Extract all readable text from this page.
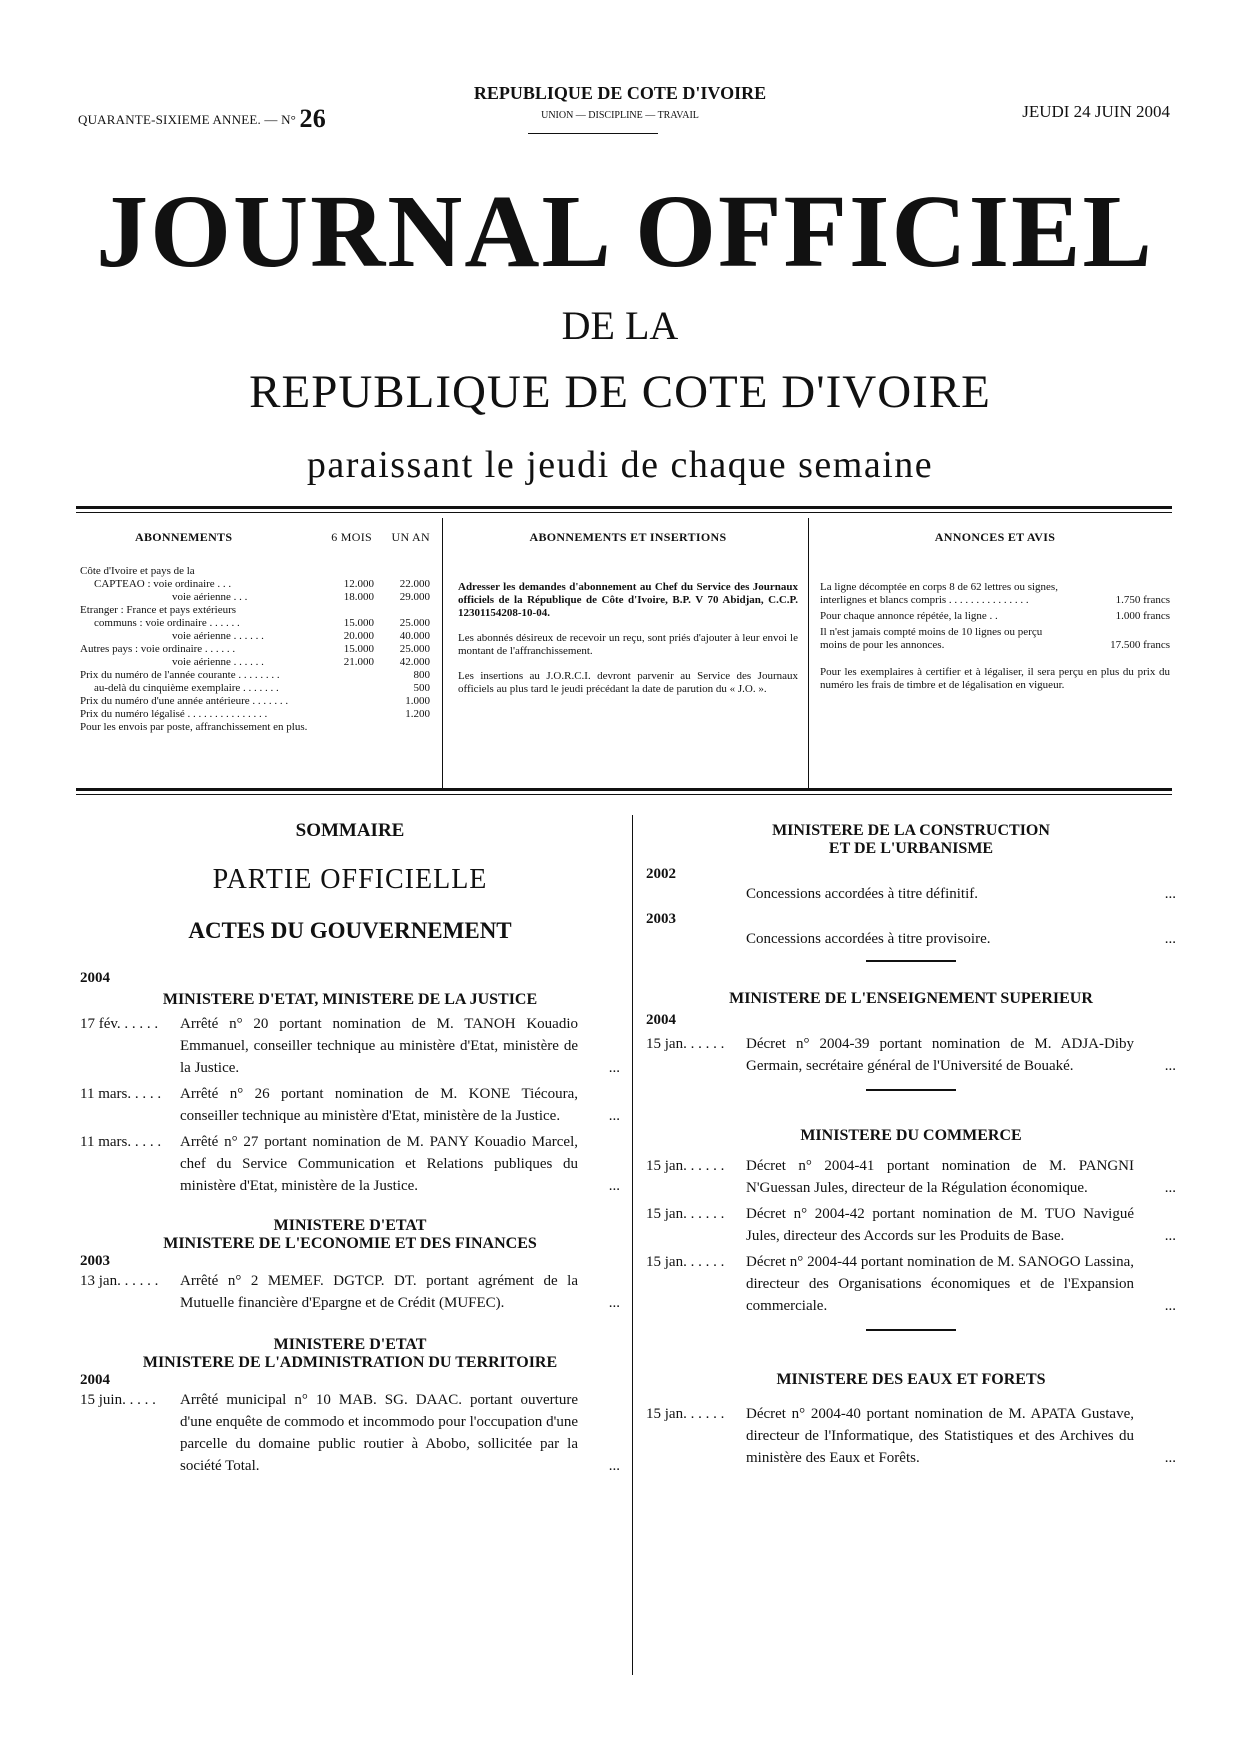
QUARANTE-SIXIEME ANNEE. — N° 26
REPUBLIQUE DE COTE D'IVOIRE
UNION — DISCIPLINE — TRAVAIL	JEUDI 24 JUIN 2004
JOURNAL OFFICIEL
DE LA
REPUBLIQUE DE COTE D'IVOIRE
paraissant le jeudi de chaque semaine
ABONNEMENTS	6 MOIS	UN AN
Côte d'Ivoire et pays de la
CAPTEAO : voie ordinaire . . .	12.000	22.000
voie aérienne . . .	18.000	29.000
Etranger : France et pays extérieurs
communs : voie ordinaire . . . . . .	15.000	25.000
voie aérienne . . . . . .	20.000	40.000
Autres pays : voie ordinaire . . . . . .	15.000	25.000
voie aérienne . . . . . .	21.000	42.000
Prix du numéro de l'année courante . . . . . . . .	800
au-delà du cinquième exemplaire . . . . . . .	500
Prix du numéro d'une année antérieure . . . . . . .	1.000
Prix du numéro légalisé . . . . . . . . . . . . . . .	1.200
Pour les envois par poste, affranchissement en plus.
ABONNEMENTS ET INSERTIONS
Adresser les demandes d'abonnement au Chef du Service des Journaux officiels de la République de Côte d'Ivoire, B.P. V 70 Abidjan, C.C.P. 12301154208-10-04.
Les abonnés désireux de recevoir un reçu, sont priés d'ajouter à leur envoi le montant de l'affranchissement.
Les insertions au J.O.R.C.I. devront parvenir au Service des Journaux officiels au plus tard le jeudi précédant la date de parution du « J.O. ».
ANNONCES ET AVIS
La ligne décomptée en corps 8 de 62 lettres ou signes, interlignes et blancs compris . . . . . . . . . . . . . . .	1.750 francs
Pour chaque annonce répétée, la ligne . .	1.000 francs
Il n'est jamais compté moins de 10 lignes ou perçu moins de pour les annonces.	17.500 francs
Pour les exemplaires à certifier et à légaliser, il sera perçu en plus du prix du numéro les frais de timbre et de légalisation en vigueur.
SOMMAIRE
PARTIE OFFICIELLE
ACTES DU GOUVERNEMENT
2004
MINISTERE D'ETAT, MINISTERE DE LA JUSTICE
17 fév. . . . . .	Arrêté n° 20 portant nomination de M. TANOH Kouadio Emmanuel, conseiller technique au ministère d'Etat, ministère de la Justice.	...
11 mars. . . . .	Arrêté n° 26 portant nomination de M. KONE Tiécoura, conseiller technique au ministère d'Etat, ministère de la Justice.	...
11 mars. . . . .	Arrêté n° 27 portant nomination de M. PANY Kouadio Marcel, chef du Service Communication et Relations publiques du ministère d'Etat, ministère de la Justice.	...
MINISTERE D'ETAT
MINISTERE DE L'ECONOMIE ET DES FINANCES
2003
13 jan. . . . . .	Arrêté n° 2 MEMEF. DGTCP. DT. portant agrément de la Mutuelle financière d'Epargne et de Crédit (MUFEC).	...
MINISTERE D'ETAT
MINISTERE DE L'ADMINISTRATION DU TERRITOIRE
2004
15 juin. . . . .	Arrêté municipal n° 10 MAB. SG. DAAC. portant ouverture d'une enquête de commodo et incommodo pour l'occupation d'une parcelle du domaine public routier à Abobo, sollicitée par la société Total.	...
MINISTERE DE LA CONSTRUCTION
ET DE L'URBANISME
2002
Concessions accordées à titre définitif.	...
2003
Concessions accordées à titre provisoire.	...
MINISTERE DE L'ENSEIGNEMENT SUPERIEUR
2004
15 jan. . . . . .	Décret n° 2004-39 portant nomination de M. ADJA-Diby Germain, secrétaire général de l'Université de Bouaké.	...
MINISTERE DU COMMERCE
15 jan. . . . . .	Décret n° 2004-41 portant nomination de M. PANGNI N'Guessan Jules, directeur de la Régulation économique.	...
15 jan. . . . . .	Décret n° 2004-42 portant nomination de M. TUO Navigué Jules, directeur des Accords sur les Produits de Base.	...
15 jan. . . . . .	Décret n° 2004-44 portant nomination de M. SANOGO Lassina, directeur des Organisations économiques et de l'Expansion commerciale.	...
MINISTERE DES EAUX ET FORETS
15 jan. . . . . .	Décret n° 2004-40 portant nomination de M. APATA Gustave, directeur de l'Informatique, des Statistiques et des Archives du ministère des Eaux et Forêts.	...
